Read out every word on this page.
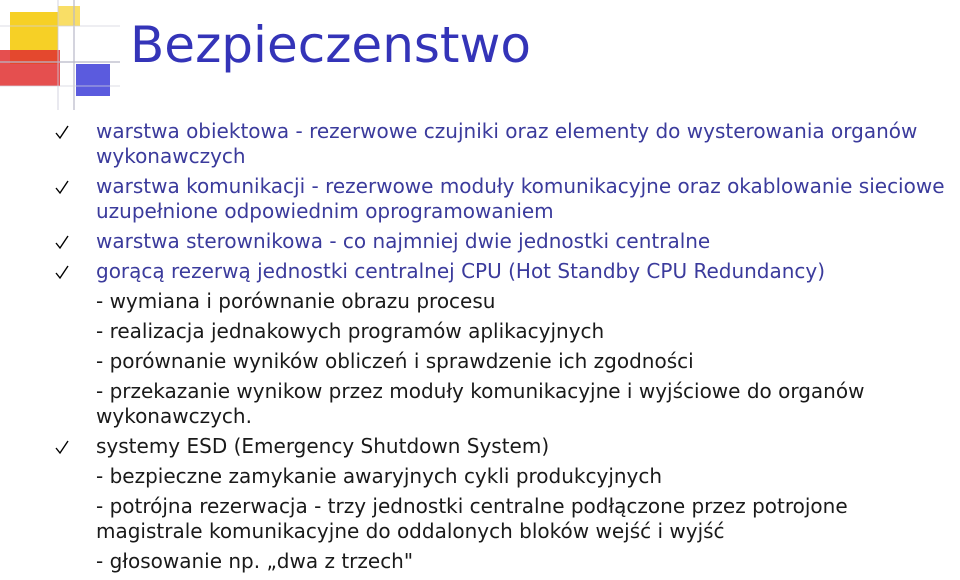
Bezpieczenstwo
warstwa obiektowa - rezerwowe czujniki oraz elementy do wysterowania organów wykonawczych
warstwa komunikacji - rezerwowe moduły komunikacyjne oraz okablowanie sieciowe uzupełnione odpowiednim oprogramowaniem
warstwa sterownikowa - co najmniej dwie jednostki centralne
gorącą rezerwą jednostki centralnej CPU (Hot Standby CPU Redundancy)
- wymiana i porównanie obrazu procesu
- realizacja jednakowych programów aplikacyjnych
- porównanie wyników obliczeń i sprawdzenie ich zgodności
- przekazanie wynikow przez moduły komunikacyjne i wyjściowe do organów wykonawczych.
systemy ESD (Emergency Shutdown System)
- bezpieczne zamykanie awaryjnych cykli produkcyjnych
- potrójna rezerwacja - trzy jednostki centralne podłączone przez potrojone magistrale komunikacyjne do oddalonych bloków wejść i wyjść
- głosowanie np. „dwa z trzech"
